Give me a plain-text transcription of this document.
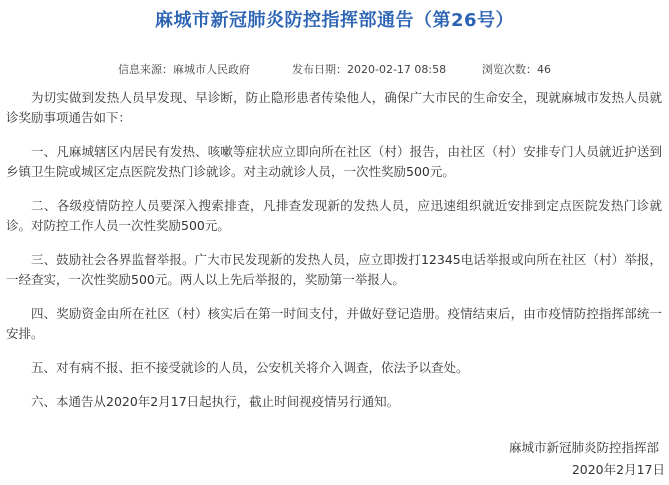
麻城市新冠肺炎防控指挥部通告（第26号）
信息来源：麻城市人民政府	发布日期：2020-02-17 08:58	浏览次数：46

为切实做到发热人员早发现、早诊断，防止隐形患者传染他人，确保广大市民的生命安全，现就麻城市发热人员就诊奖励事项通告如下：

一、凡麻城辖区内居民有发热、咳嗽等症状应立即向所在社区（村）报告，由社区（村）安排专门人员就近护送到乡镇卫生院或城区定点医院发热门诊就诊。对主动就诊人员，一次性奖励500元。

二、各级疫情防控人员要深入搜索排查，凡排查发现新的发热人员，应迅速组织就近安排到定点医院发热门诊就诊。对防控工作人员一次性奖励500元。

三、鼓励社会各界监督举报。广大市民发现新的发热人员，应立即拨打12345电话举报或向所在社区（村）举报，一经查实，一次性奖励500元。两人以上先后举报的，奖励第一举报人。

四、奖励资金由所在社区（村）核实后在第一时间支付，并做好登记造册。疫情结束后，由市疫情防控指挥部统一安排。

五、对有病不报、拒不接受就诊的人员，公安机关将介入调查，依法予以查处。

六、本通告从2020年2月17日起执行，截止时间视疫情另行通知。

麻城市新冠肺炎防控指挥部
2020年2月17日
